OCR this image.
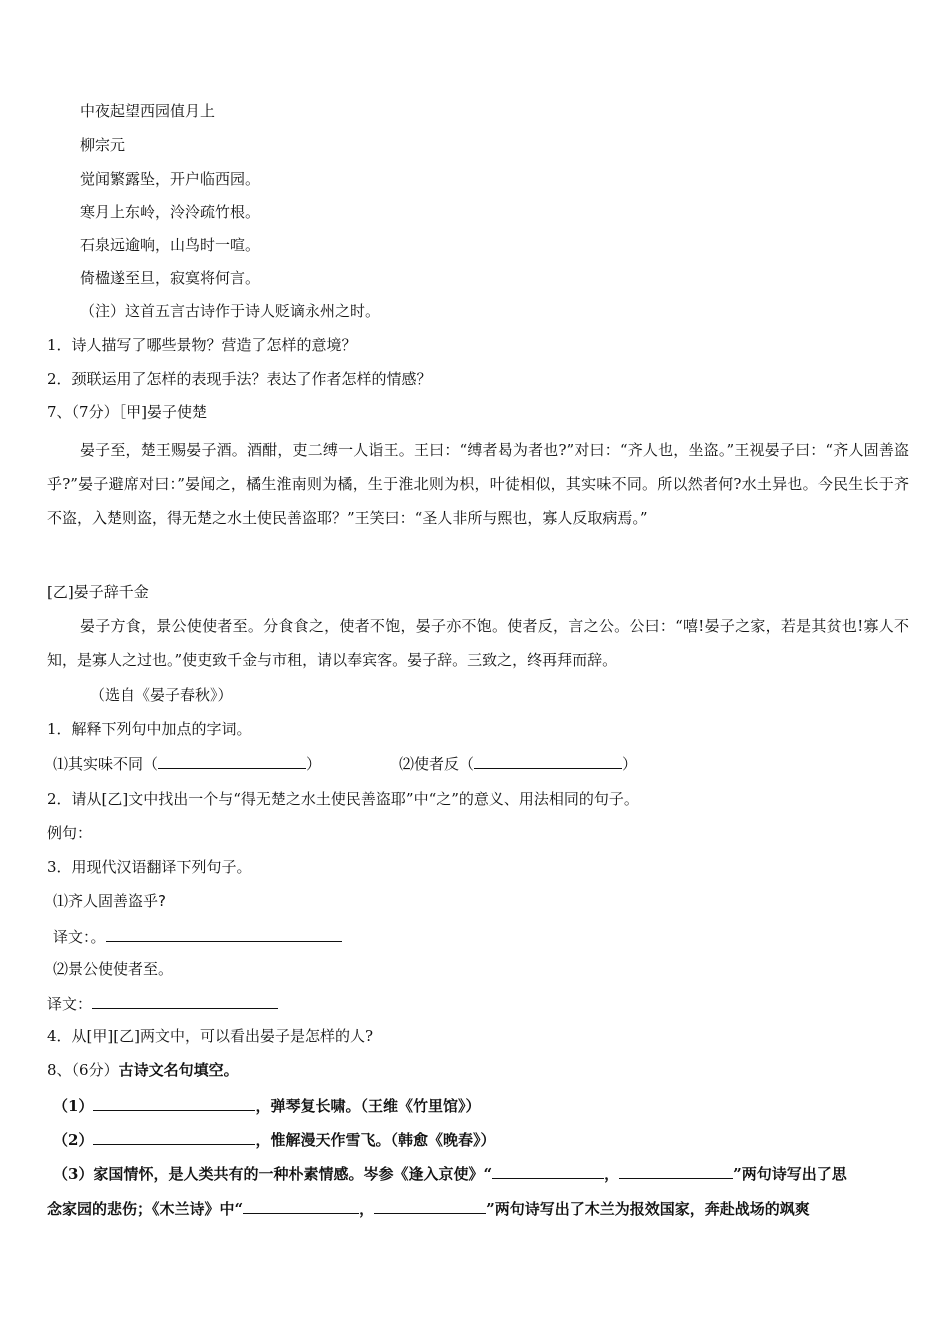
中夜起望西园值月上
柳宗元
觉闻繁露坠，开户临西园。
寒月上东岭，泠泠疏竹根。
石泉远逾响，山鸟时一喧。
倚楹遂至旦，寂寞将何言。
（注）这首五言古诗作于诗人贬谪永州之时。
1．诗人描写了哪些景物？营造了怎样的意境？
2．颈联运用了怎样的表现手法？表达了作者怎样的情感？
7、（7分）［甲]晏子使楚
晏子至，楚王赐晏子酒。酒酣，吏二缚一人诣王。王曰：“缚者曷为者也?”对曰：“齐人也，坐盗。”王视晏子曰：“齐人固善盗乎?”晏子避席对曰：”晏闻之，橘生淮南则为橘，生于淮北则为枳，叶徒相似，其实味不同。所以然者何?水土异也。今民生长于齐不盗，入楚则盗，得无楚之水土使民善盗耶？”王笑曰：“圣人非所与熙也，寡人反取病焉。”
[乙]晏子辞千金
晏子方食，景公使使者至。分食食之，使者不饱，晏子亦不饱。使者反，言之公。公曰：“嘻!晏子之家，若是其贫也!寡人不知，是寡人之过也。”使吏致千金与市租，请以奉宾客。晏子辞。三致之，终再拜而辞。
（选自《晏子春秋》）
1．解释下列句中加点的字词。
⑴其实味不同（	）	⑵使者反（	）
2．请从[乙]文中找出一个与“得无楚之水土使民善盗耶”中“之”的意义、用法相同的句子。
例句：
3．用现代汉语翻译下列句子。
⑴齐人固善盗乎?
译文：。
⑵景公使使者至。
译文：
4．从[甲][乙]两文中，可以看出晏子是怎样的人?
8、（6分）古诗文名句填空。
（1）	，弹琴复长啸。（王维《竹里馆》）
（2）	，惟解漫天作雪飞。（韩愈《晚春》）
（3）家国情怀，是人类共有的一种朴素情感。岑参《逢入京使》“	，	”两句诗写出了思
念家园的悲伤；《木兰诗》中“	，	”两句诗写出了木兰为报效国家，奔赴战场的飒爽
